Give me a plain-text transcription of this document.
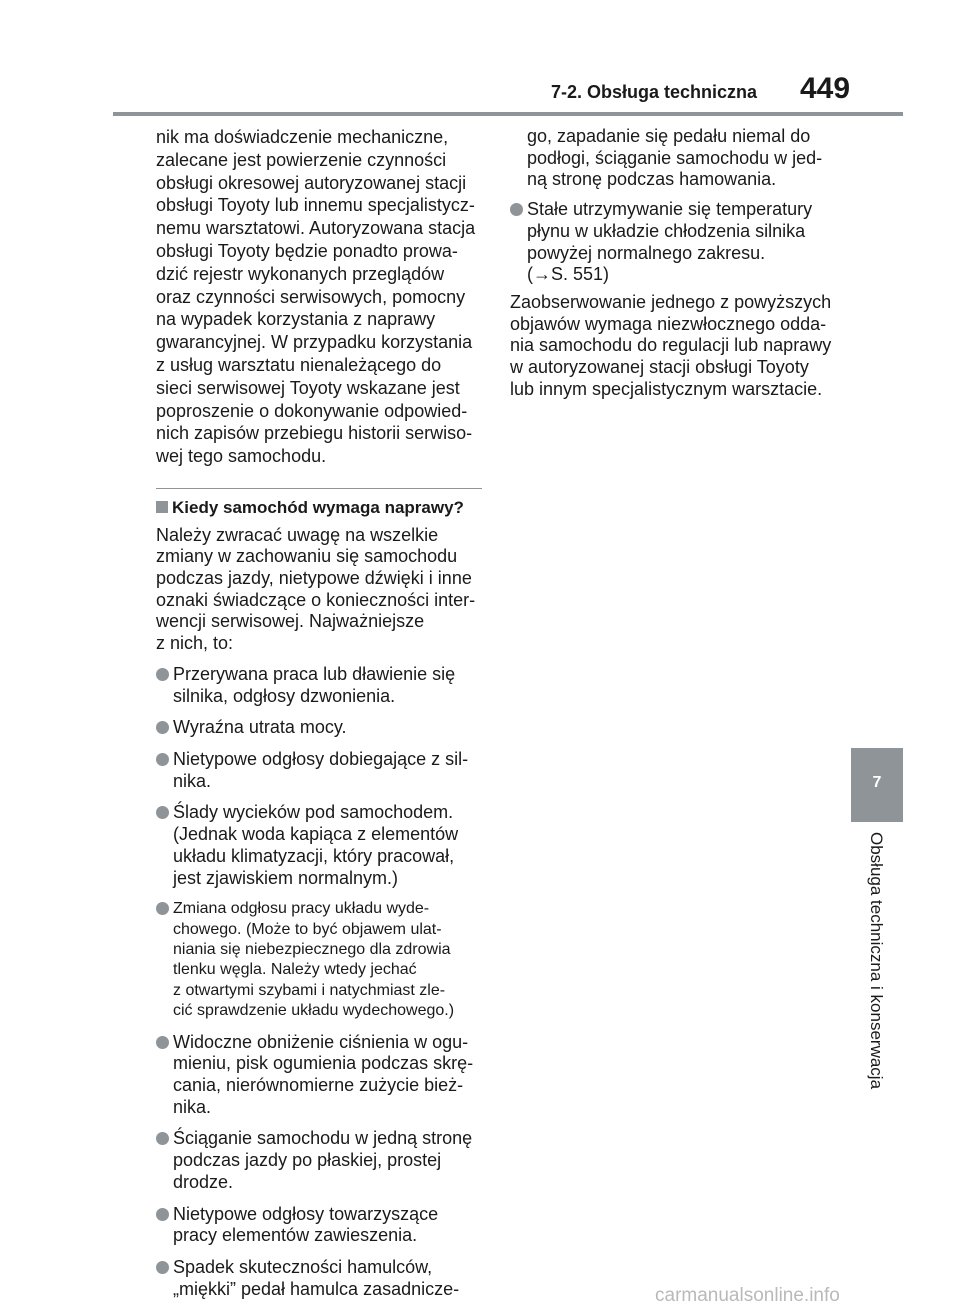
7-2. Obsługa techniczna 449

nik ma doświadczenie mechaniczne,
zalecane jest powierzenie czynności
obsługi okresowej autoryzowanej stacji
obsługi Toyoty lub innemu specjalistycz-
nemu warsztatowi. Autoryzowana stacja
obsługi Toyoty będzie ponadto prowa-
dzić rejestr wykonanych przeglądów
oraz czynności serwisowych, pomocny
na wypadek korzystania z naprawy
gwarancyjnej. W przypadku korzystania
z usług warsztatu nienależącego do
sieci serwisowej Toyoty wskazane jest
poproszenie o dokonywanie odpowied-
nich zapisów przebiegu historii serwiso-
wej tego samochodu.

Kiedy samochód wymaga naprawy?

Należy zwracać uwagę na wszelkie
zmiany w zachowaniu się samochodu
podczas jazdy, nietypowe dźwięki i inne
oznaki świadczące o konieczności inter-
wencji serwisowej. Najważniejsze
z nich, to:

Przerywana praca lub dławienie się
silnika, odgłosy dzwonienia.
Wyraźna utrata mocy.
Nietypowe odgłosy dobiegające z sil-
nika.
Ślady wycieków pod samochodem.
(Jednak woda kapiąca z elementów
układu klimatyzacji, który pracował,
jest zjawiskiem normalnym.)
Zmiana odgłosu pracy układu wyde-
chowego. (Może to być objawem ulat-
niania się niebezpiecznego dla zdrowia
tlenku węgla. Należy wtedy jechać
z otwartymi szybami i natychmiast zle-
cić sprawdzenie układu wydechowego.)
Widoczne obniżenie ciśnienia w ogu-
mieniu, pisk ogumienia podczas skrę-
cania, nierównomierne zużycie bież-
nika.
Ściąganie samochodu w jedną stronę
podczas jazdy po płaskiej, prostej
drodze.
Nietypowe odgłosy towarzyszące
pracy elementów zawieszenia.
Spadek skuteczności hamulców,
„miękki” pedał hamulca zasadnicze-

go, zapadanie się pedału niemal do
podłogi, ściąganie samochodu w jed-
ną stronę podczas hamowania.

Stałe utrzymywanie się temperatury
płynu w układzie chłodzenia silnika
powyżej normalnego zakresu.
(→S. 551)

Zaobserwowanie jednego z powyższych
objawów wymaga niezwłocznego odda-
nia samochodu do regulacji lub naprawy
w autoryzowanej stacji obsługi Toyoty
lub innym specjalistycznym warsztacie.

7
Obsługa techniczna i konserwacja
carmanualsonline.info
